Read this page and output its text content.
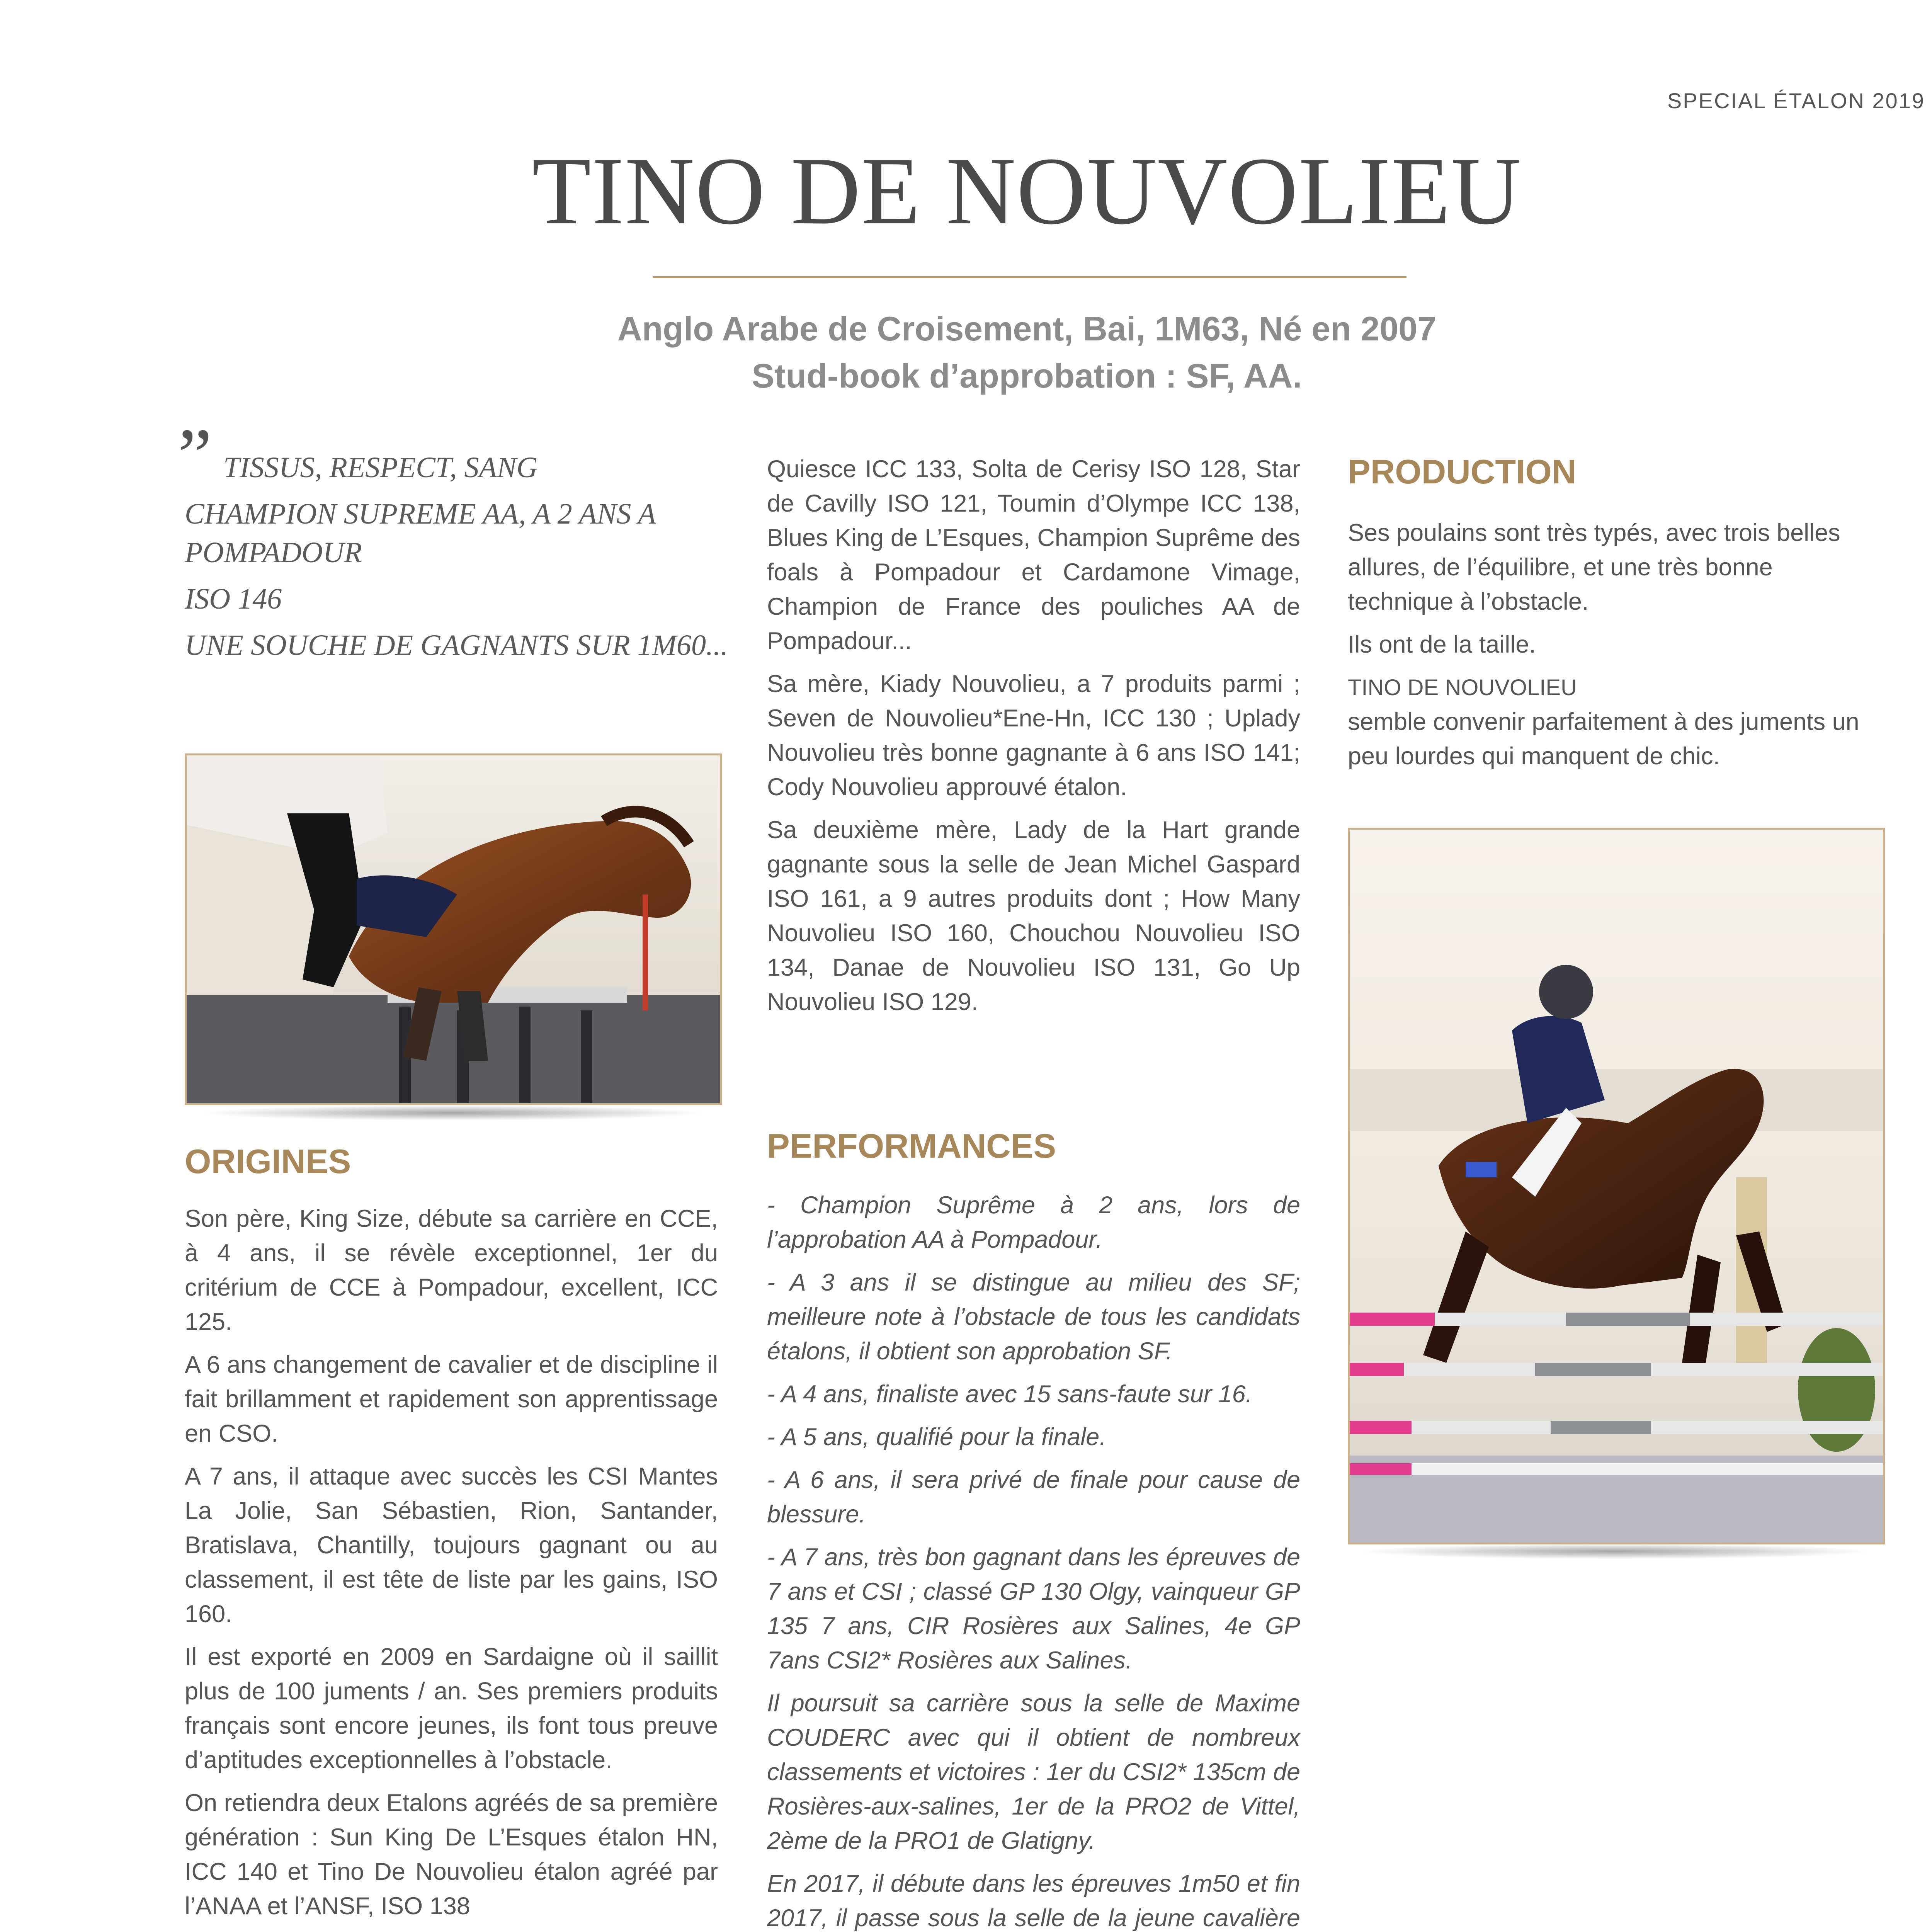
SPECIAL ÉTALON 2019
TINO DE NOUVOLIEU
Anglo Arabe de Croisement, Bai, 1M63, Né en 2007
Stud-book d’approbation : SF, AA.
” TISSUS, RESPECT, SANG
CHAMPION SUPREME AA, A 2 ANS A POMPADOUR
ISO 146
UNE SOUCHE DE GAGNANTS SUR 1M60...
ORIGINES

Son père, King Size, débute sa carrière en CCE, à 4 ans, il se révèle exceptionnel, 1er du critérium de CCE à Pompadour, excellent, ICC 125.

A 6 ans changement de cavalier et de discipline il fait brillamment et rapidement son apprentissage en CSO.

A 7 ans, il attaque avec succès les CSI Mantes La Jolie, San Sébastien, Rion, Santander, Bratislava, Chantilly, toujours gagnant ou au classement, il est tête de liste par les gains, ISO 160.

Il est exporté en 2009 en Sardaigne où il saillit plus de 100 juments / an. Ses premiers produits français sont encore jeunes, ils font tous preuve d’aptitudes exceptionnelles à l’obstacle.

On retiendra deux Etalons agréés de sa première génération : Sun King De L’Esques étalon HN, ICC 140 et Tino De Nouvolieu étalon agréé par l’ANAA et l’ANSF, ISO 138

Quiesce ICC 133, Solta de Cerisy ISO 128, Star de Cavilly ISO 121, Toumin d’Olympe ICC 138, Blues King de L’Esques, Champion Suprême des foals à Pompadour et Cardamone Vimage, Champion de France des pouliches AA de Pompadour...

Sa mère, Kiady Nouvolieu, a 7 produits parmi ; Seven de Nouvolieu*Ene-Hn, ICC 130 ; Uplady Nouvolieu très bonne gagnante à 6 ans ISO 141; Cody Nouvolieu approuvé étalon.

Sa deuxième mère, Lady de la Hart grande gagnante sous la selle de Jean Michel Gaspard ISO 161, a 9 autres produits dont ; How Many Nouvolieu ISO 160, Chouchou Nouvolieu ISO 134, Danae de Nouvolieu ISO 131, Go Up Nouvolieu ISO 129.

PERFORMANCES

- Champion Suprême à 2 ans, lors de l’approbation AA à Pompadour.

- A 3 ans il se distingue au milieu des SF; meilleure note à l’obstacle de tous les candidats étalons, il obtient son approbation SF.

- A 4 ans, finaliste avec 15 sans-faute sur 16.

- A 5 ans, qualifié pour la finale.

- A 6 ans, il sera privé de finale pour cause de blessure.

- A 7 ans, très bon gagnant dans les épreuves de 7 ans et CSI ; classé GP 130 Olgy, vainqueur GP 135 7 ans, CIR Rosières aux Salines, 4e GP 7ans CSI2* Rosières aux Salines.

Il poursuit sa carrière sous la selle de Maxime COUDERC avec qui il obtient de nombreux classements et victoires : 1er du CSI2* 135cm de Rosières-aux-salines, 1er de la PRO2 de Vittel, 2ème de la PRO1 de Glatigny.

En 2017, il débute dans les épreuves 1m50 et fin 2017, il passe sous la selle de la jeune cavalière

PRODUCTION

Ses poulains sont très typés, avec trois belles allures, de l’équilibre, et une très bonne technique à l’obstacle.

Ils ont de la taille.

TINO DE NOUVOLIEU

semble convenir parfaitement à des juments un peu lourdes qui manquent de chic.
